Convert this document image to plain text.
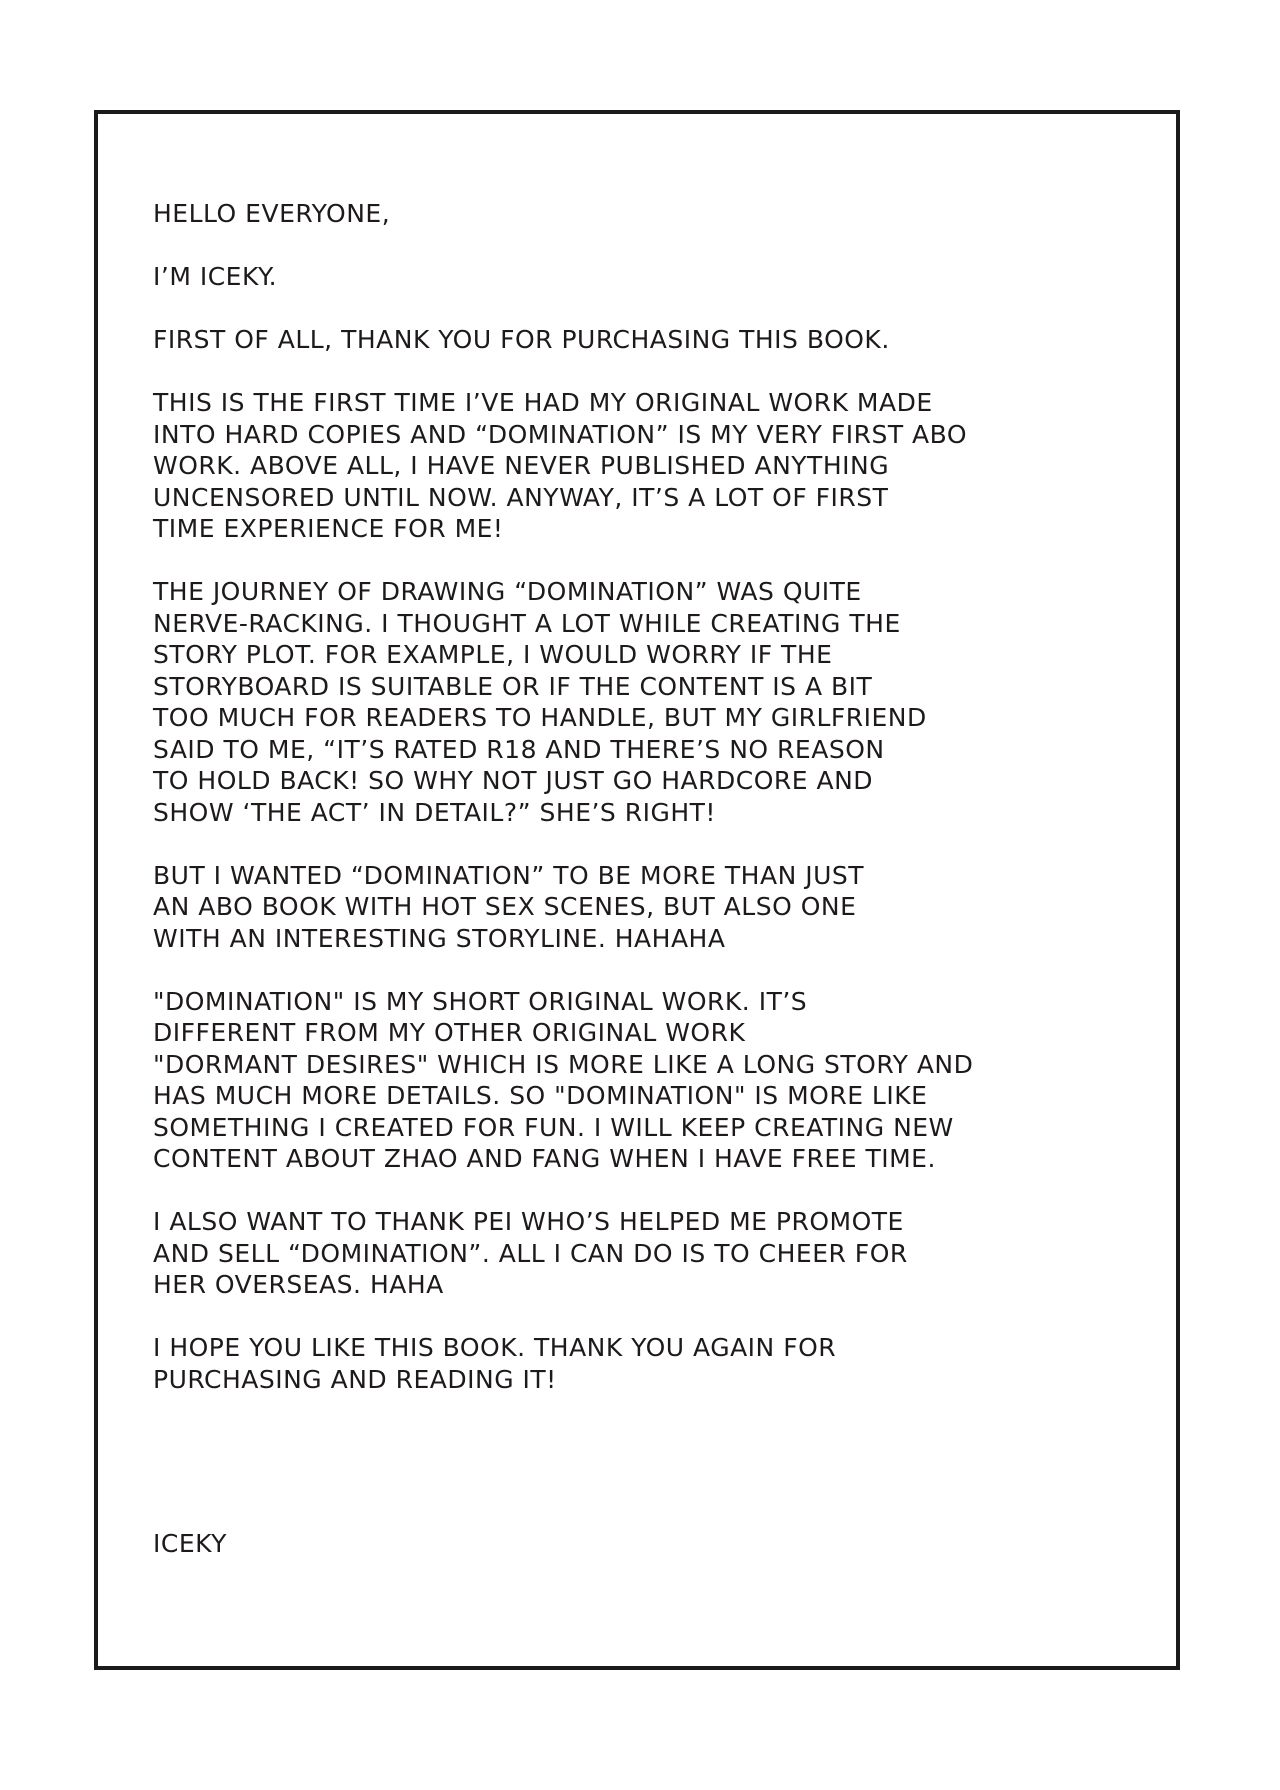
HELLO EVERYONE,

I’M ICEKY.

FIRST OF ALL, THANK YOU FOR PURCHASING THIS BOOK.

THIS IS THE FIRST TIME I’VE HAD MY ORIGINAL WORK MADE
INTO HARD COPIES AND “DOMINATION” IS MY VERY FIRST ABO
WORK. ABOVE ALL, I HAVE NEVER PUBLISHED ANYTHING
UNCENSORED UNTIL NOW. ANYWAY, IT’S A LOT OF FIRST
TIME EXPERIENCE FOR ME!

THE JOURNEY OF DRAWING “DOMINATION” WAS QUITE
NERVE-RACKING. I THOUGHT A LOT WHILE CREATING THE
STORY PLOT. FOR EXAMPLE, I WOULD WORRY IF THE
STORYBOARD IS SUITABLE OR IF THE CONTENT IS A BIT
TOO MUCH FOR READERS TO HANDLE, BUT MY GIRLFRIEND
SAID TO ME, “IT’S RATED R18 AND THERE’S NO REASON
TO HOLD BACK! SO WHY NOT JUST GO HARDCORE AND
SHOW ‘THE ACT’ IN DETAIL?” SHE’S RIGHT!

BUT I WANTED “DOMINATION” TO BE MORE THAN JUST
AN ABO BOOK WITH HOT SEX SCENES, BUT ALSO ONE
WITH AN INTERESTING STORYLINE. HAHAHA

"DOMINATION" IS MY SHORT ORIGINAL WORK. IT’S
DIFFERENT FROM MY OTHER ORIGINAL WORK
"DORMANT DESIRES" WHICH IS MORE LIKE A LONG STORY AND
HAS MUCH MORE DETAILS. SO "DOMINATION" IS MORE LIKE
SOMETHING I CREATED FOR FUN. I WILL KEEP CREATING NEW
CONTENT ABOUT ZHAO AND FANG WHEN I HAVE FREE TIME.

I ALSO WANT TO THANK PEI WHO’S HELPED ME PROMOTE
AND SELL “DOMINATION”. ALL I CAN DO IS TO CHEER FOR
HER OVERSEAS. HAHA

I HOPE YOU LIKE THIS BOOK. THANK YOU AGAIN FOR
PURCHASING AND READING IT!

ICEKY
